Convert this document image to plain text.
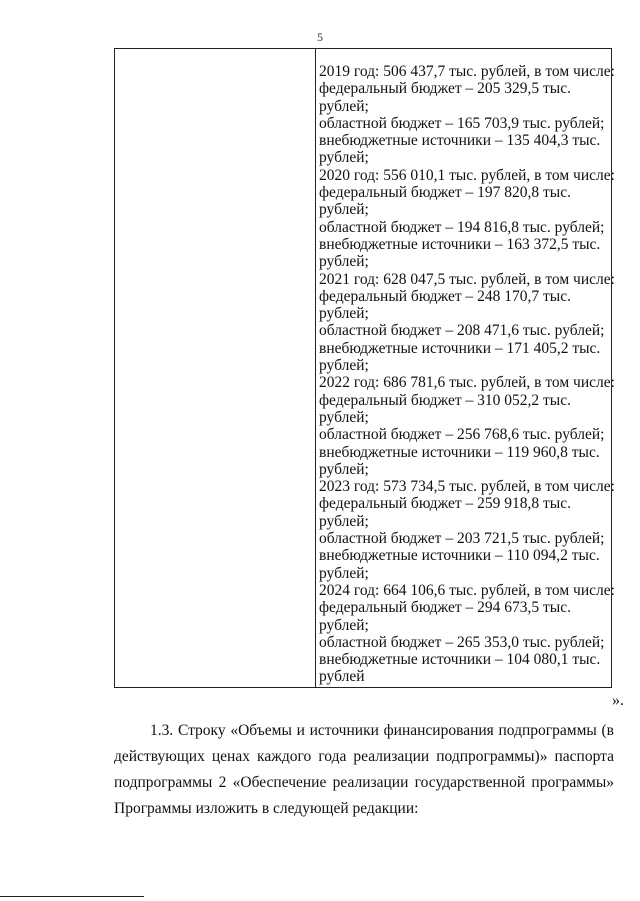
5
2019 год: 506 437,7 тыс. рублей, в том числе:
федеральный бюджет – 205 329,5 тыс.
рублей;
областной бюджет – 165 703,9 тыс. рублей;
внебюджетные источники – 135 404,3 тыс.
рублей;
2020 год: 556 010,1 тыс. рублей, в том числе:
федеральный бюджет – 197 820,8 тыс.
рублей;
областной бюджет – 194 816,8 тыс. рублей;
внебюджетные источники – 163 372,5 тыс.
рублей;
2021 год: 628 047,5 тыс. рублей, в том числе:
федеральный бюджет – 248 170,7 тыс.
рублей;
областной бюджет – 208 471,6 тыс. рублей;
внебюджетные источники – 171 405,2 тыс.
рублей;
2022 год: 686 781,6 тыс. рублей, в том числе:
федеральный бюджет – 310 052,2 тыс.
рублей;
областной бюджет – 256 768,6 тыс. рублей;
внебюджетные источники – 119 960,8 тыс.
рублей;
2023 год: 573 734,5 тыс. рублей, в том числе:
федеральный бюджет – 259 918,8 тыс.
рублей;
областной бюджет – 203 721,5 тыс. рублей;
внебюджетные источники – 110 094,2 тыс.
рублей;
2024 год: 664 106,6 тыс. рублей, в том числе:
федеральный бюджет – 294 673,5 тыс.
рублей;
областной бюджет – 265 353,0 тыс. рублей;
внебюджетные источники – 104 080,1 тыс.
рублей
».
1.3. Строку «Объемы и источники финансирования подпрограммы (в действующих ценах каждого года реализации подпрограммы)» паспорта подпрограммы 2 «Обеспечение реализации государственной программы» Программы изложить в следующей редакции:
